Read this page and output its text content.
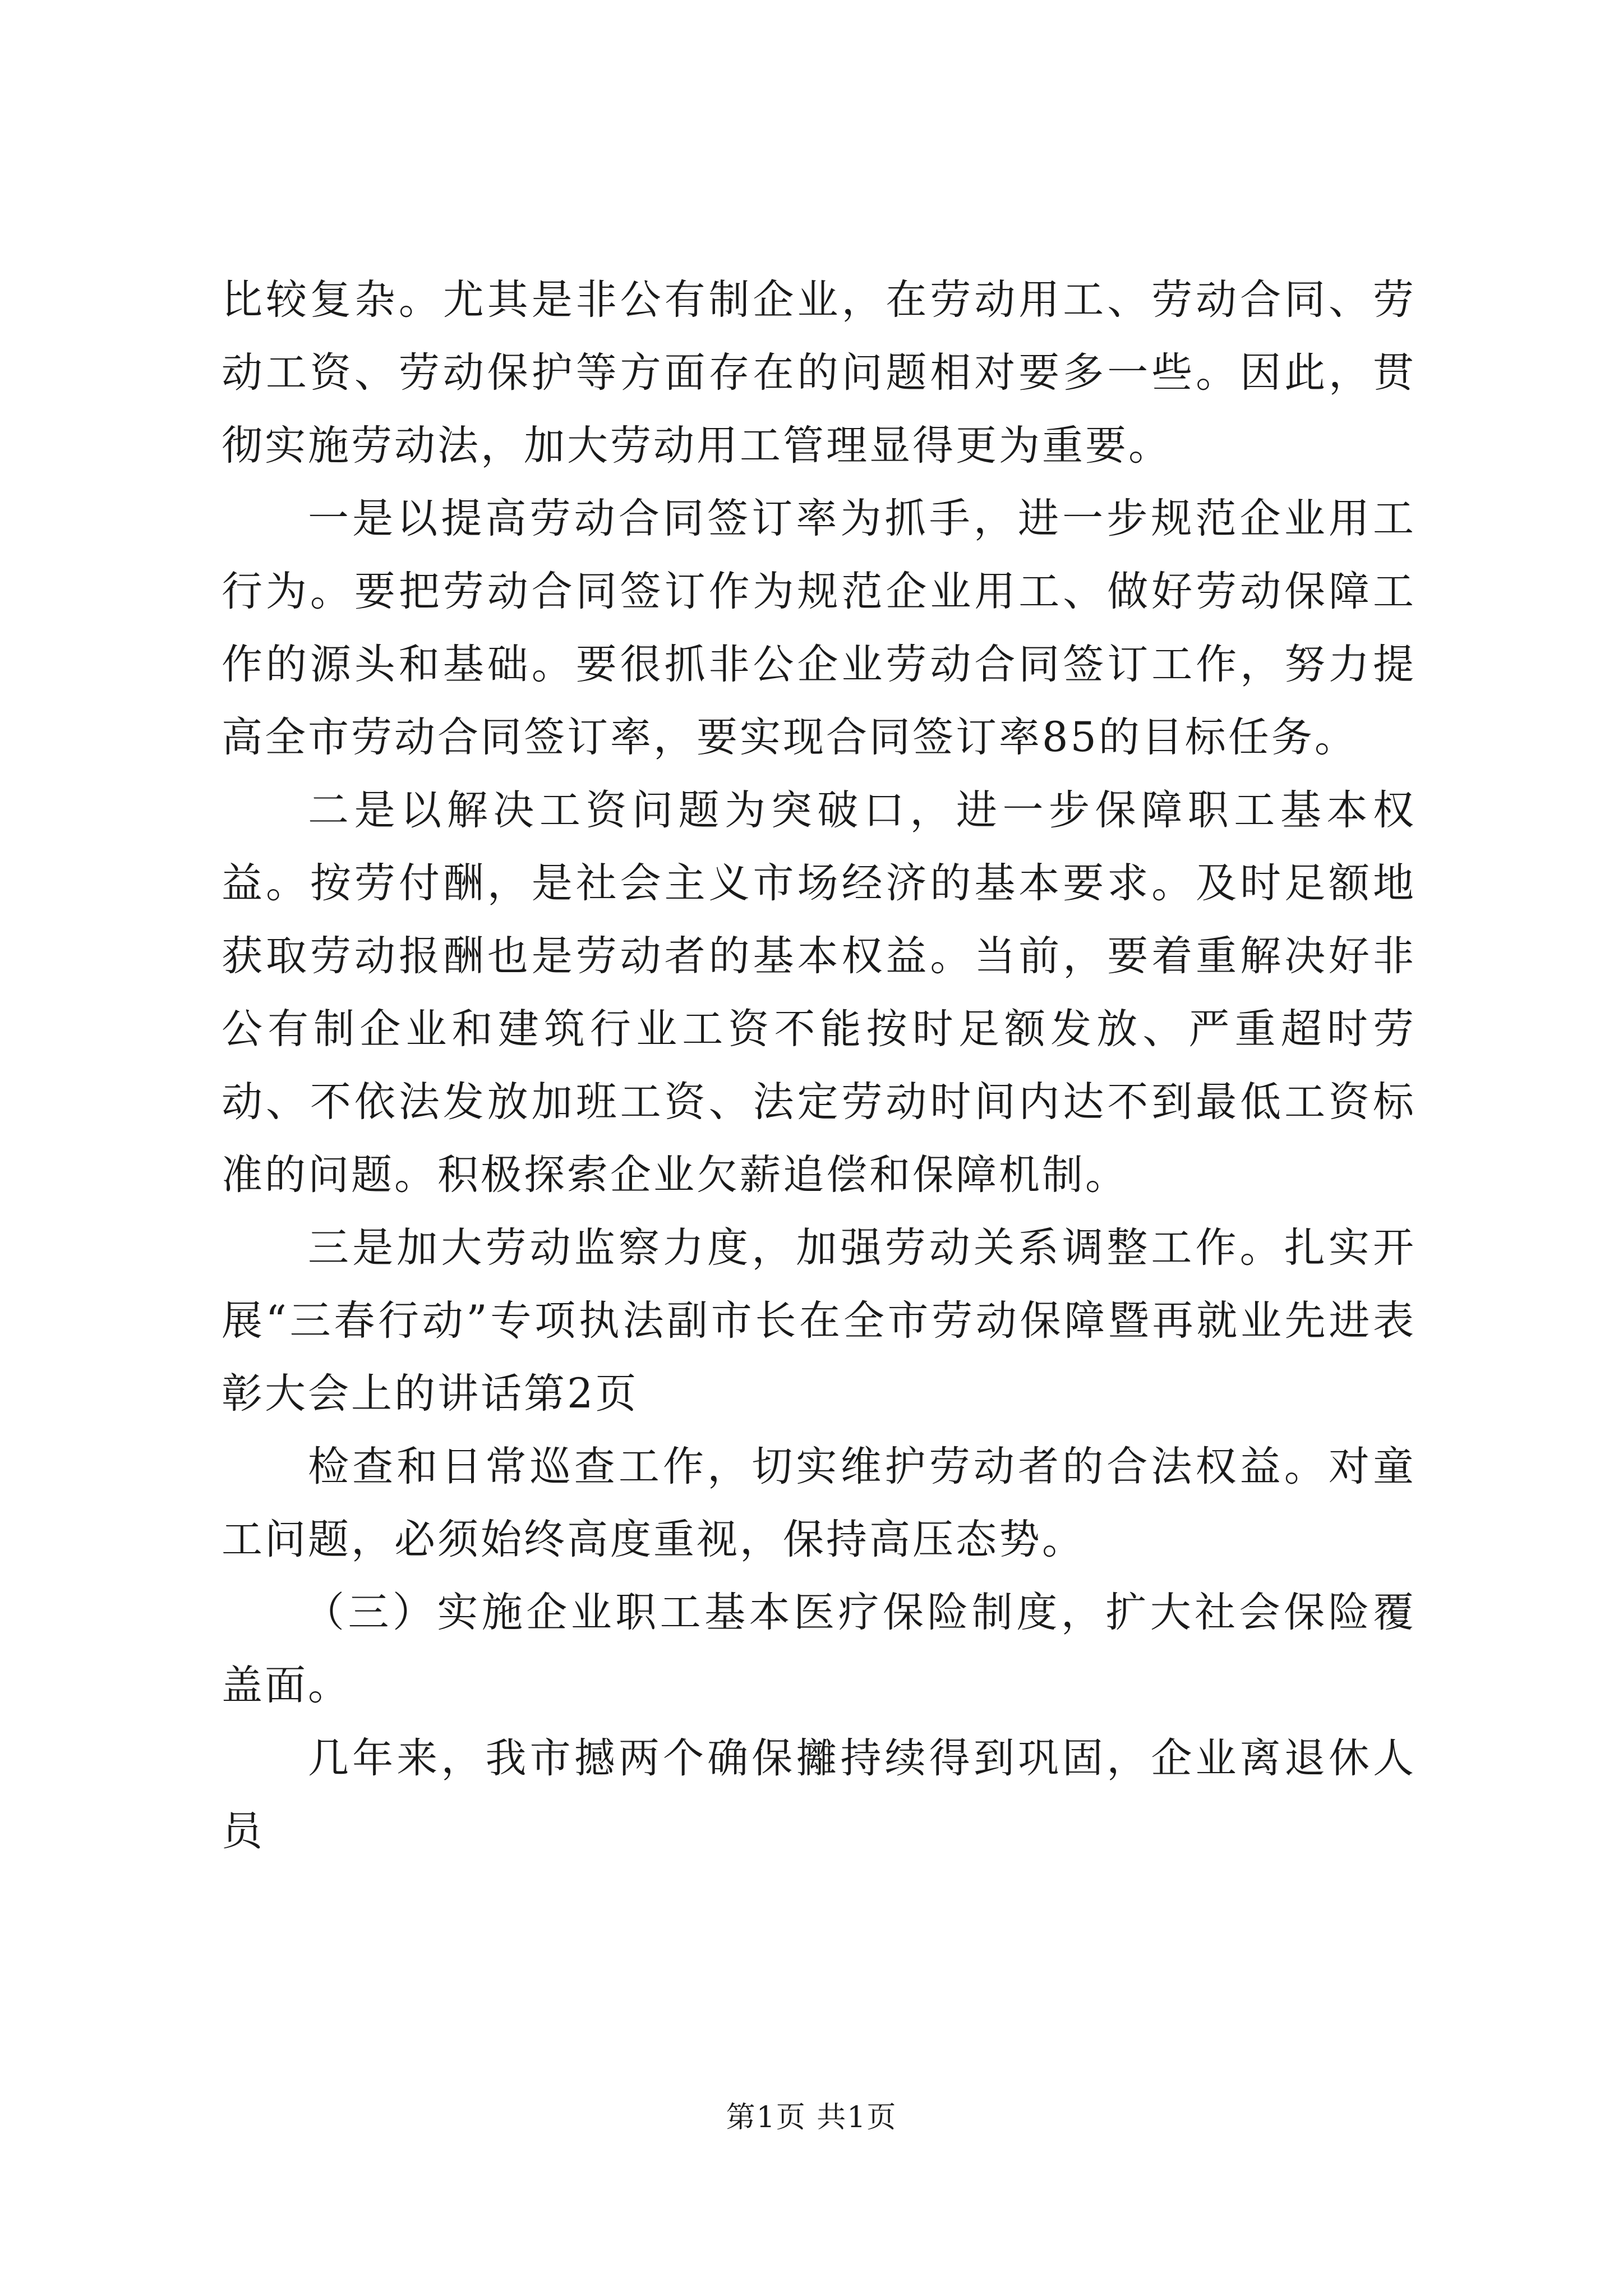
比较复杂。尤其是非公有制企业，在劳动用工、劳动合同、劳动工资、劳动保护等方面存在的问题相对要多一些。因此，贯彻实施劳动法，加大劳动用工管理显得更为重要。

一是以提高劳动合同签订率为抓手，进一步规范企业用工行为。要把劳动合同签订作为规范企业用工、做好劳动保障工作的源头和基础。要很抓非公企业劳动合同签订工作，努力提高全市劳动合同签订率，要实现合同签订率85的目标任务。

二是以解决工资问题为突破口，进一步保障职工基本权益。按劳付酬，是社会主义市场经济的基本要求。及时足额地获取劳动报酬也是劳动者的基本权益。当前，要着重解决好非公有制企业和建筑行业工资不能按时足额发放、严重超时劳动、不依法发放加班工资、法定劳动时间内达不到最低工资标准的问题。积极探索企业欠薪追偿和保障机制。

三是加大劳动监察力度，加强劳动关系调整工作。扎实开展“三春行动”专项执法副市长在全市劳动保障暨再就业先进表彰大会上的讲话第2页

检查和日常巡查工作，切实维护劳动者的合法权益。对童工问题，必须始终高度重视，保持高压态势。

（三）实施企业职工基本医疗保险制度，扩大社会保险覆盖面。

几年来，我市撼两个确保攡持续得到巩固，企业离退休人员

第1页 共1页
